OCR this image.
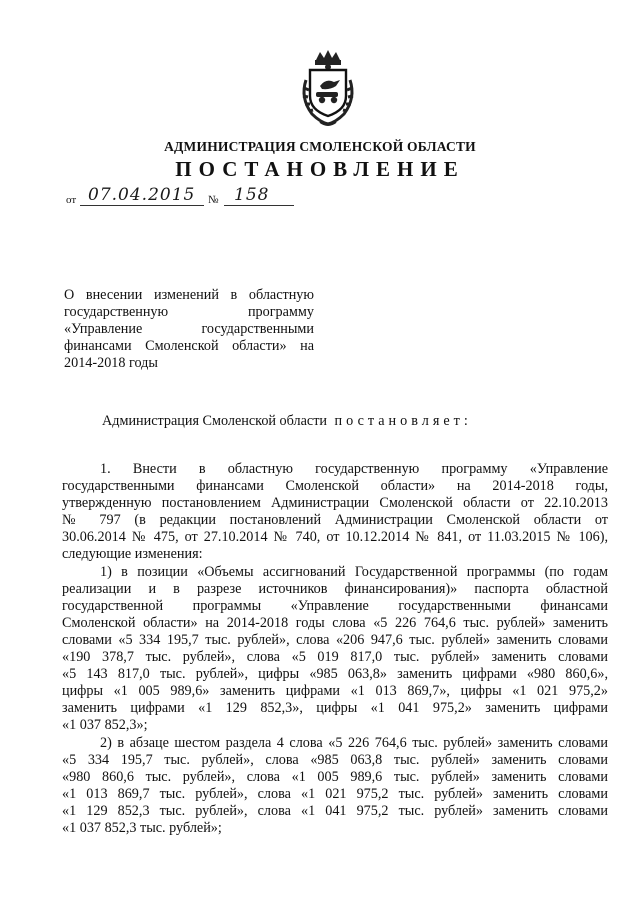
АДМИНИСТРАЦИЯ СМОЛЕНСКОЙ ОБЛАСТИ
ПОСТАНОВЛЕНИЕ
от 07.04.2015 № 158
О внесении изменений в областную
государственную программу
«Управление государственными
финансами Смоленской области» на
2014-2018 годы
Администрация Смоленской области постановляет:
1. Внести в областную государственную программу «Управление
государственными финансами Смоленской области» на 2014-2018 годы,
утвержденную постановлением Администрации Смоленской области от 22.10.2013
№ 797 (в редакции постановлений Администрации Смоленской области от
30.06.2014 № 475, от 27.10.2014 № 740, от 10.12.2014 № 841, от 11.03.2015 № 106),
следующие изменения:
1) в позиции «Объемы ассигнований Государственной программы (по годам
реализации и в разрезе источников финансирования)» паспорта областной
государственной программы «Управление государственными финансами
Смоленской области» на 2014-2018 годы слова «5 226 764,6 тыс. рублей» заменить
словами «5 334 195,7 тыс. рублей», слова «206 947,6 тыс. рублей» заменить словами
«190 378,7 тыс. рублей», слова «5 019 817,0 тыс. рублей» заменить словами
«5 143 817,0 тыс. рублей», цифры «985 063,8» заменить цифрами «980 860,6»,
цифры «1 005 989,6» заменить цифрами «1 013 869,7», цифры «1 021 975,2»
заменить цифрами «1 129 852,3», цифры «1 041 975,2» заменить цифрами
«1 037 852,3»;
2) в абзаце шестом раздела 4 слова «5 226 764,6 тыс. рублей» заменить словами
«5 334 195,7 тыс. рублей», слова «985 063,8 тыс. рублей» заменить словами
«980 860,6 тыс. рублей», слова «1 005 989,6 тыс. рублей» заменить словами
«1 013 869,7 тыс. рублей», слова «1 021 975,2 тыс. рублей» заменить словами
«1 129 852,3 тыс. рублей», слова «1 041 975,2 тыс. рублей» заменить словами
«1 037 852,3 тыс. рублей»;
